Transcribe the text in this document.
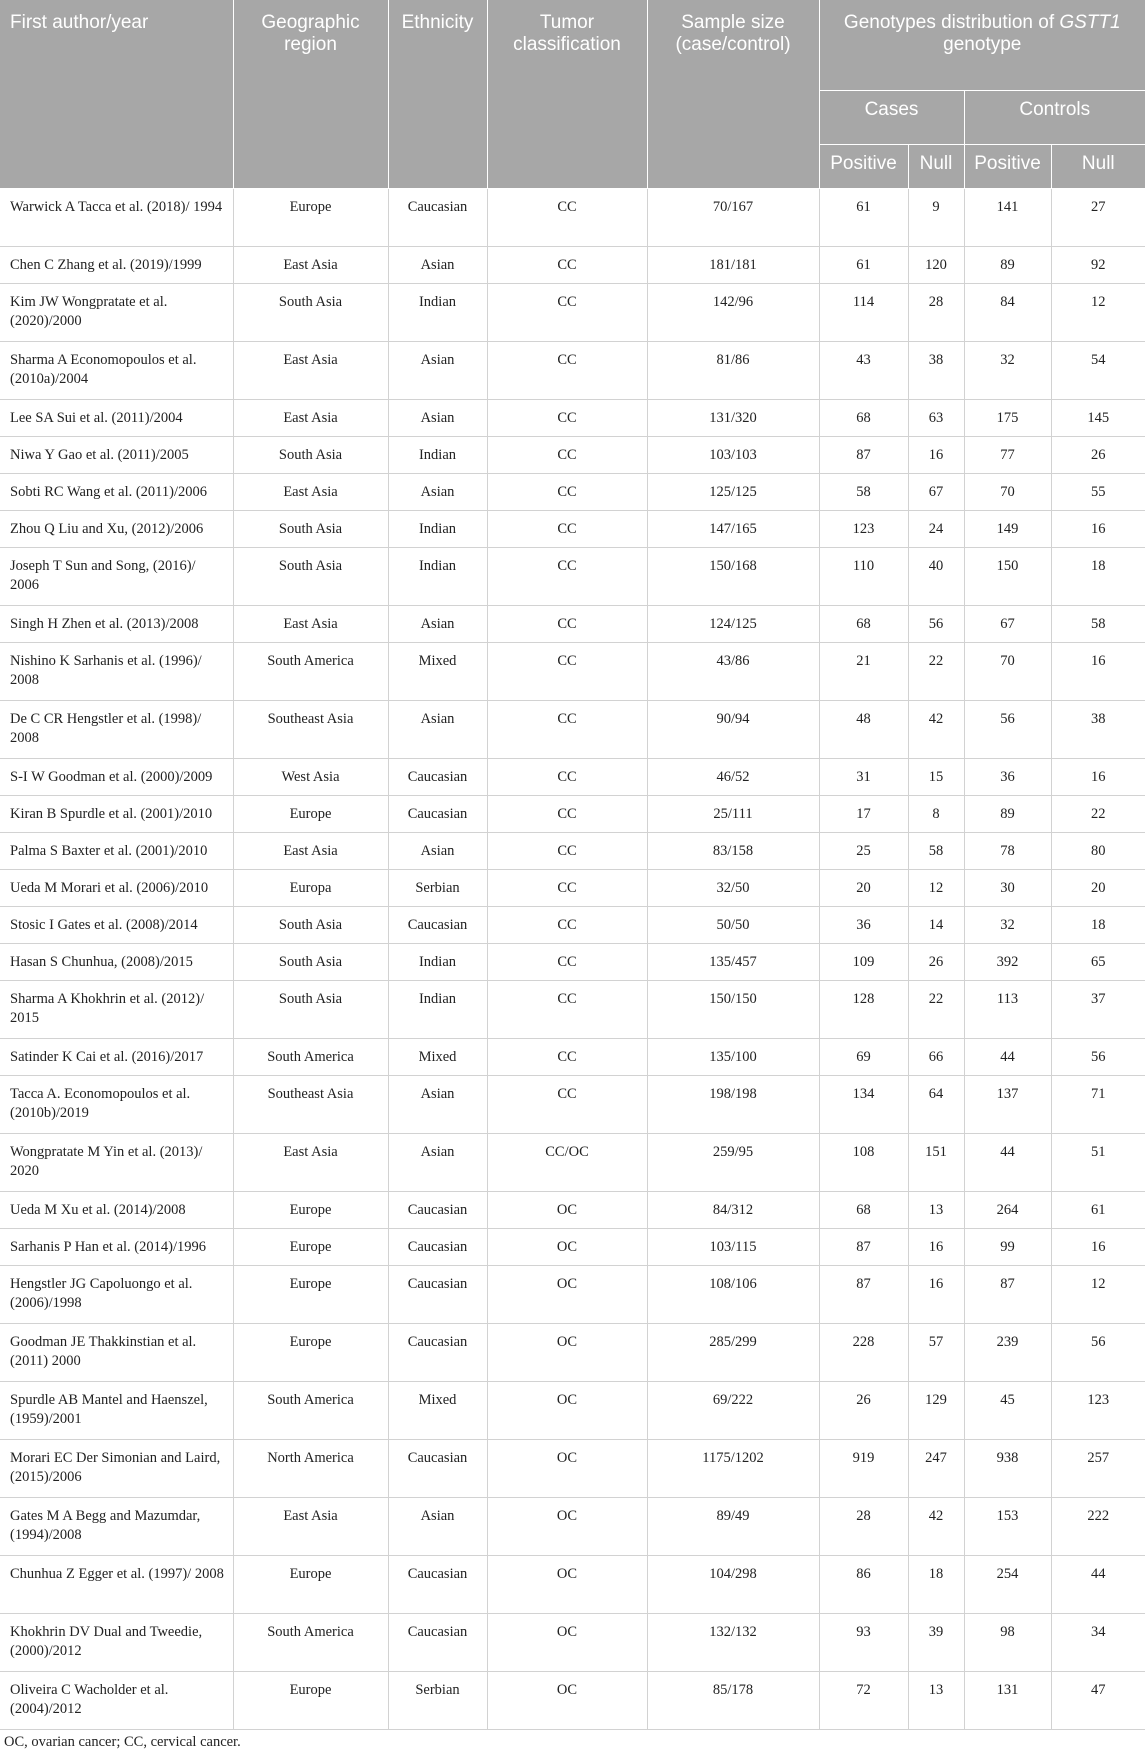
First author/year	Geographic region	Ethnicity	Tumor classification	Sample size (case/control)	Genotypes distribution of GSTT1 genotype			
					Cases		Controls	
					Positive	Null	Positive	Null
Warwick A Tacca et al. (2018)/ 1994	Europe	Caucasian	CC	70/167	61	9	141	27
Chen C Zhang et al. (2019)/1999	East Asia	Asian	CC	181/181	61	120	89	92
Kim JW Wongpratate et al. (2020)/2000	South Asia	Indian	CC	142/96	114	28	84	12
Sharma A Economopoulos et al. (2010a)/2004	East Asia	Asian	CC	81/86	43	38	32	54
Lee SA Sui et al. (2011)/2004	East Asia	Asian	CC	131/320	68	63	175	145
Niwa Y Gao et al. (2011)/2005	South Asia	Indian	CC	103/103	87	16	77	26
Sobti RC Wang et al. (2011)/2006	East Asia	Asian	CC	125/125	58	67	70	55
Zhou Q Liu and Xu, (2012)/2006	South Asia	Indian	CC	147/165	123	24	149	16
Joseph T Sun and Song, (2016)/ 2006	South Asia	Indian	CC	150/168	110	40	150	18
Singh H Zhen et al. (2013)/2008	East Asia	Asian	CC	124/125	68	56	67	58
Nishino K Sarhanis et al. (1996)/ 2008	South America	Mixed	CC	43/86	21	22	70	16
De C CR Hengstler et al. (1998)/ 2008	Southeast Asia	Asian	CC	90/94	48	42	56	38
S-I W Goodman et al. (2000)/2009	West Asia	Caucasian	CC	46/52	31	15	36	16
Kiran B Spurdle et al. (2001)/2010	Europe	Caucasian	CC	25/111	17	8	89	22
Palma S Baxter et al. (2001)/2010	East Asia	Asian	CC	83/158	25	58	78	80
Ueda M Morari et al. (2006)/2010	Europa	Serbian	CC	32/50	20	12	30	20
Stosic I Gates et al. (2008)/2014	South Asia	Caucasian	CC	50/50	36	14	32	18
Hasan S Chunhua, (2008)/2015	South Asia	Indian	CC	135/457	109	26	392	65
Sharma A Khokhrin et al. (2012)/ 2015	South Asia	Indian	CC	150/150	128	22	113	37
Satinder K Cai et al. (2016)/2017	South America	Mixed	CC	135/100	69	66	44	56
Tacca A. Economopoulos et al. (2010b)/2019	Southeast Asia	Asian	CC	198/198	134	64	137	71
Wongpratate M Yin et al. (2013)/ 2020	East Asia	Asian	CC/OC	259/95	108	151	44	51
Ueda M Xu et al. (2014)/2008	Europe	Caucasian	OC	84/312	68	13	264	61
Sarhanis P Han et al. (2014)/1996	Europe	Caucasian	OC	103/115	87	16	99	16
Hengstler JG Capoluongo et al. (2006)/1998	Europe	Caucasian	OC	108/106	87	16	87	12
Goodman JE Thakkinstian et al. (2011) 2000	Europe	Caucasian	OC	285/299	228	57	239	56
Spurdle AB Mantel and Haenszel, (1959)/2001	South America	Mixed	OC	69/222	26	129	45	123
Morari EC Der Simonian and Laird, (2015)/2006	North America	Caucasian	OC	1175/1202	919	247	938	257
Gates M A Begg and Mazumdar, (1994)/2008	East Asia	Asian	OC	89/49	28	42	153	222
Chunhua Z Egger et al. (1997)/ 2008	Europe	Caucasian	OC	104/298	86	18	254	44
Khokhrin DV Dual and Tweedie, (2000)/2012	South America	Caucasian	OC	132/132	93	39	98	34
Oliveira C Wacholder et al. (2004)/2012	Europe	Serbian	OC	85/178	72	13	131	47
OC, ovarian cancer; CC, cervical cancer.
